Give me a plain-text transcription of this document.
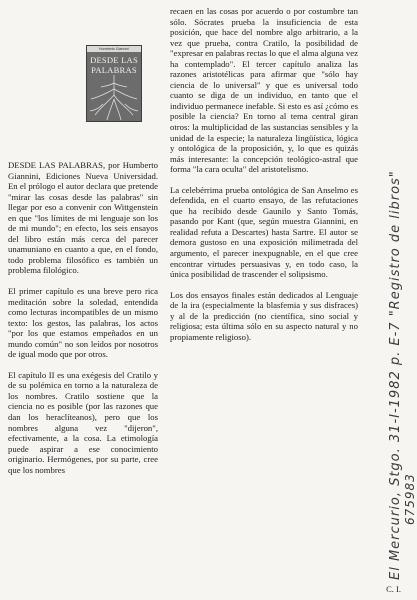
Humberto Giannini
DESDE LAS
PALABRAS

DESDE LAS PALABRAS, por Humberto Giannini, Ediciones Nueva Universidad. En el prólogo el autor declara que pretende "mirar las cosas desde las palabras" sin llegar por eso a convenir con Wittgenstein en que "los límites de mi lenguaje son los de mi mundo"; en efecto, los seis ensayos del libro están más cerca del parecer unamuniano en cuanto a que, en el fondo, todo problema filosófico es también un problema filológico.

El primer capítulo es una breve pero rica meditación sobre la soledad, entendida como lecturas incompatibles de un mismo texto: los gestos, las palabras, los actos "por los que estamos empeñados en un mundo común" no son leídos por nosotros de igual modo que por otros.

El capítulo II es una exégesis del Cratilo y de su polémica en torno a la naturaleza de los nombres. Cratilo sostiene que la ciencia no es posible (por las razones que dan los heraclíteanos), pero que los nombres alguna vez "dijeron", efectivamente, a la cosa. La etimología puede aspirar a ese conocimiento originario. Hermógenes, por su parte, cree que los nombres

recaen en las cosas por acuerdo o por costumbre tan sólo. Sócrates prueba la insuficiencia de esta posición, que hace del nombre algo arbitrario, a la vez que prueba, contra Cratilo, la posibilidad de "expresar en palabras rectas lo que el alma alguna vez ha contemplado". El tercer capítulo analiza las razones aristotélicas para afirmar que "sólo hay ciencia de lo universal" y que es universal todo cuanto se diga de un individuo, en tanto que el individuo permanece inefable. Si esto es así ¿cómo es posible la ciencia? En torno al tema central giran otros: la multiplicidad de las sustancias sensibles y la unidad de la especie; la naturaleza lingüística, lógica y ontológica de la proposición, y, lo que es quizás más interesante: la concepción teológico-astral que forma "la cara oculta" del aristotelismo.

La celebérrima prueba ontológica de San Anselmo es defendida, en el cuarto ensayo, de las refutaciones que ha recibido desde Gaunilo y Santo Tomás, pasando por Kant (que, según muestra Giannini, en realidad refuta a Descartes) hasta Sartre. El autor se demora gustoso en una exposición milimetrada del argumento, el parecer inexpugnable, en el que cree encontrar virtudes persuasivas y, en todo caso, la única posibilidad de trascender el solipsismo.

Los dos ensayos finales están dedicados al Lenguaje de la ira (especialmente la blasfemia y sus disfraces) y al de la predicción (no científica, sino social y religiosa; esta última sólo en su aspecto natural y no propiamente religioso).

C. I.
El Mercurio, Stgo. 31-I-1982 p. E-7 "Registro de libros" 675983
